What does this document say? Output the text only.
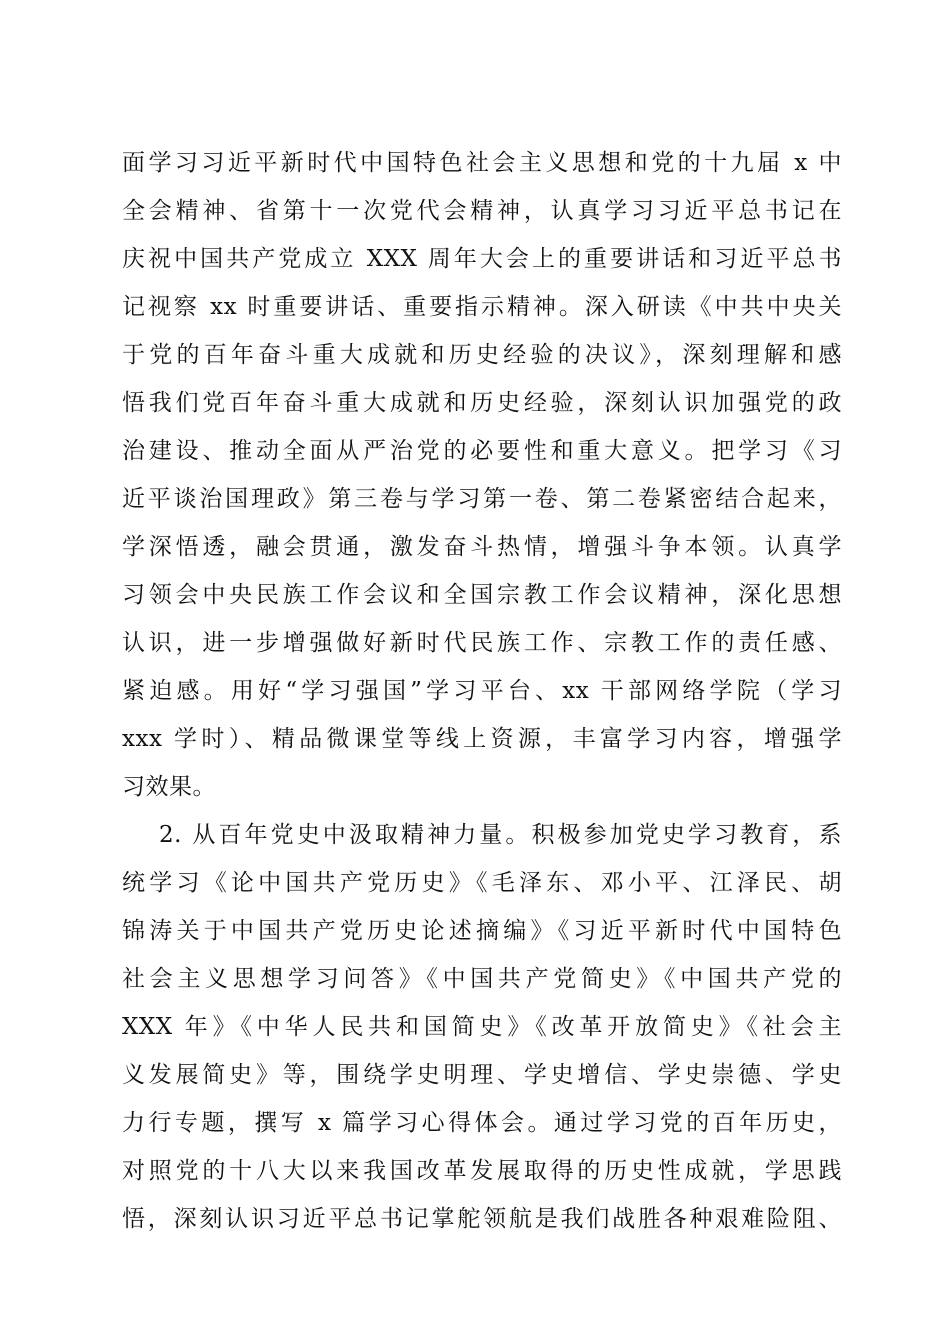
面学习习近平新时代中国特色社会主义思想和党的十九届 x 中
全会精神、省第十一次党代会精神，认真学习习近平总书记在
庆祝中国共产党成立 XXX 周年大会上的重要讲话和习近平总书
记视察 xx 时重要讲话、重要指示精神。深入研读《中共中央关
于党的百年奋斗重大成就和历史经验的决议》，深刻理解和感
悟我们党百年奋斗重大成就和历史经验，深刻认识加强党的政
治建设、推动全面从严治党的必要性和重大意义。把学习《习
近平谈治国理政》第三卷与学习第一卷、第二卷紧密结合起来，
学深悟透，融会贯通，激发奋斗热情，增强斗争本领。认真学
习领会中央民族工作会议和全国宗教工作会议精神，深化思想
认识，进一步增强做好新时代民族工作、宗教工作的责任感、
紧迫感。用好“学习强国”学习平台、xx 干部网络学院（学习
xxx 学时）、精品微课堂等线上资源，丰富学习内容，增强学
习效果。
2. 从百年党史中汲取精神力量。积极参加党史学习教育，系
统学习《论中国共产党历史》《毛泽东、邓小平、江泽民、胡
锦涛关于中国共产党历史论述摘编》《习近平新时代中国特色
社会主义思想学习问答》《中国共产党简史》《中国共产党的
XXX 年》《中华人民共和国简史》《改革开放简史》《社会主
义发展简史》等，围绕学史明理、学史增信、学史崇德、学史
力行专题，撰写 x 篇学习心得体会。通过学习党的百年历史，
对照党的十八大以来我国改革发展取得的历史性成就，学思践
悟，深刻认识习近平总书记掌舵领航是我们战胜各种艰难险阻、
